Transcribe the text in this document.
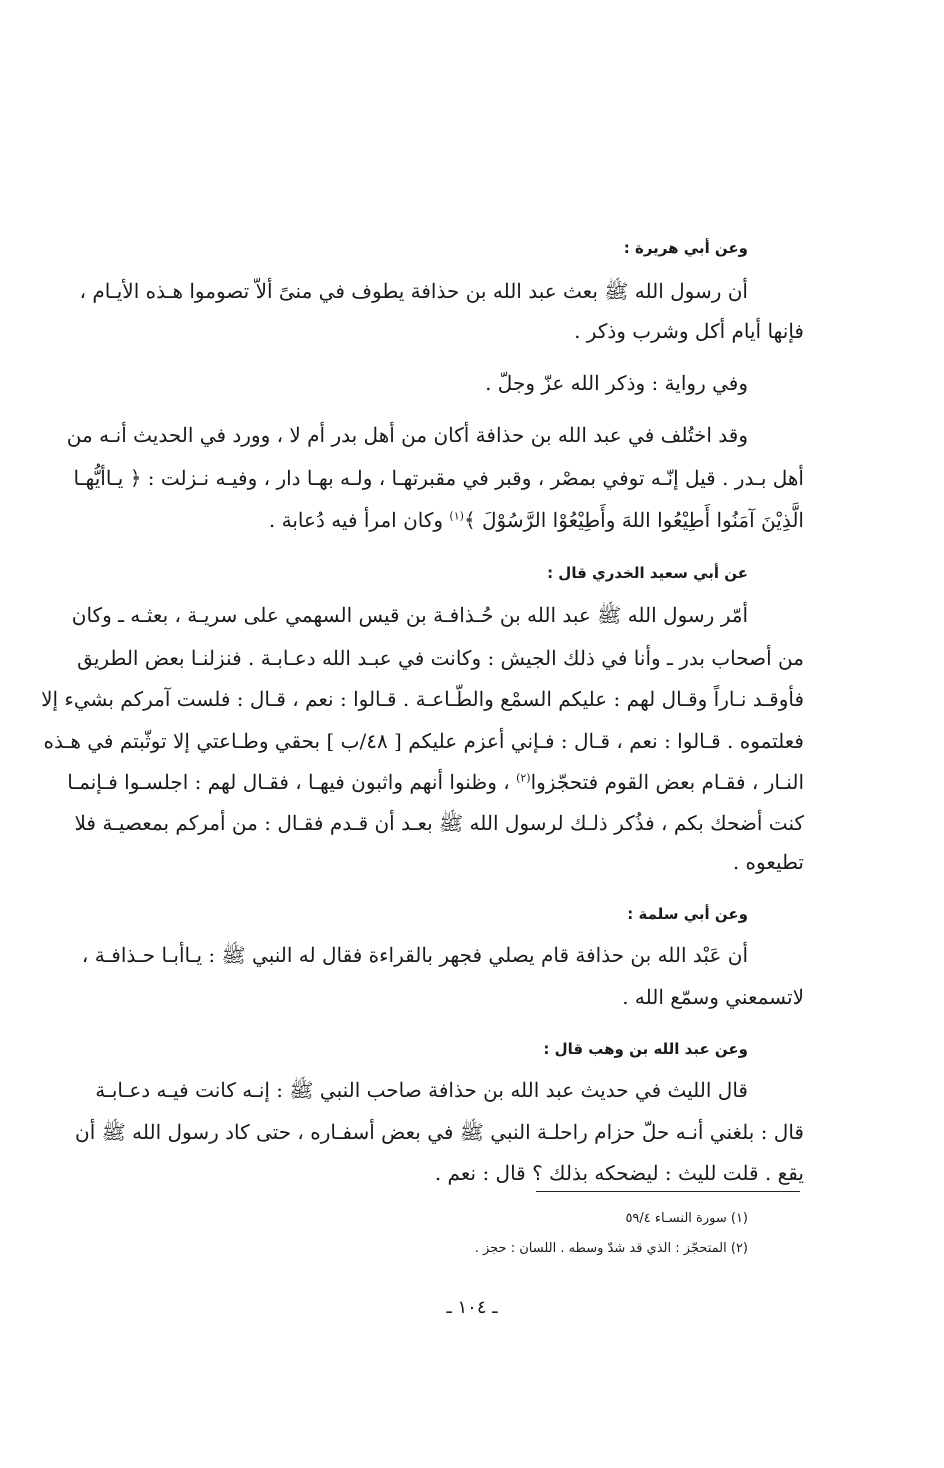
وعن أبي هريرة :
أن رسول الله ﷺ بعث عبد الله بن حذافة يطوف في منىً ألاّ تصوموا هـذه الأيـام ،
فإنها أيام أكل وشرب وذكر .
وفي رواية : وذكر الله عزّ وجلّ .
وقد اختُلف في عبد الله بن حذافة أكان من أهل بدر أم لا ، وورد في الحديث أنـه من
أهل بـدر . قيل إنّـه توفي بمصْر ، وقبر في مقبرتهـا ، ولـه بهـا دار ، وفيـه نـزلت : ﴿ يـاأيُّهـا
الَّذِيْنَ آمَنُوا أَطِيْعُوا اللهَ وأَطِيْعُوْا الرَّسُوْلَ ﴾$^{(١)}$ وكان امرأ فيه دُعابة .
عن أبي سعيد الخدري قال :
أمّر رسول الله ﷺ عبد الله بن حُـذافـة بن قيس السهمي على سريـة ، بعثـه ـ وكان
من أصحاب بدر ـ وأنا في ذلك الجيش : وكانت في عبـد الله دعـابـة . فنزلنـا بعض الطريق
فأوقـد نـاراً وقـال لهم : عليكم السمْع والطّـاعـة . قـالوا : نعم ، قـال : فلست آمركم بشيء إلا
فعلتموه . قـالوا : نعم ، قـال : فـإني أعزم عليكم [ ٤٨/ب ] بحقي وطـاعتي إلا توثّبتم في هـذه
النـار ، فقـام بعض القوم فتحجّزوا$^{(٢)}$ ، وظنوا أنهم واثبون فيهـا ، فقـال لهم : اجلسـوا فـإنمـا
كنت أضحك بكم ، فذُكر ذلـك لرسول الله ﷺ بعـد أن قـدم فقـال : من أمركم بمعصيـة فلا
تطيعوه .
وعن أبي سلمة :
أن عَبْد الله بن حذافة قام يصلي فجهر بالقراءة فقال له النبي ﷺ : يـاأبـا حـذافـة ،
لاتسمعني وسمّع الله .
وعن عبد الله بن وهب قال :
قال الليث في حديث عبد الله بن حذافة صاحب النبي ﷺ : إنـه كانت فيـه دعـابـة
قال : بلغني أنـه حلّ حزام راحلـة النبي ﷺ في بعض أسفـاره ، حتى كاد رسول الله ﷺ أن
يقع . قلت لليث : ليضحكه بذلك ؟ قال : نعم .
(١) سورة النسـاء ٥٩/٤
(٢) المتحجّز : الذي قد شدّ وسطه . اللسان : حجز .
ـ ١٠٤ ـ
